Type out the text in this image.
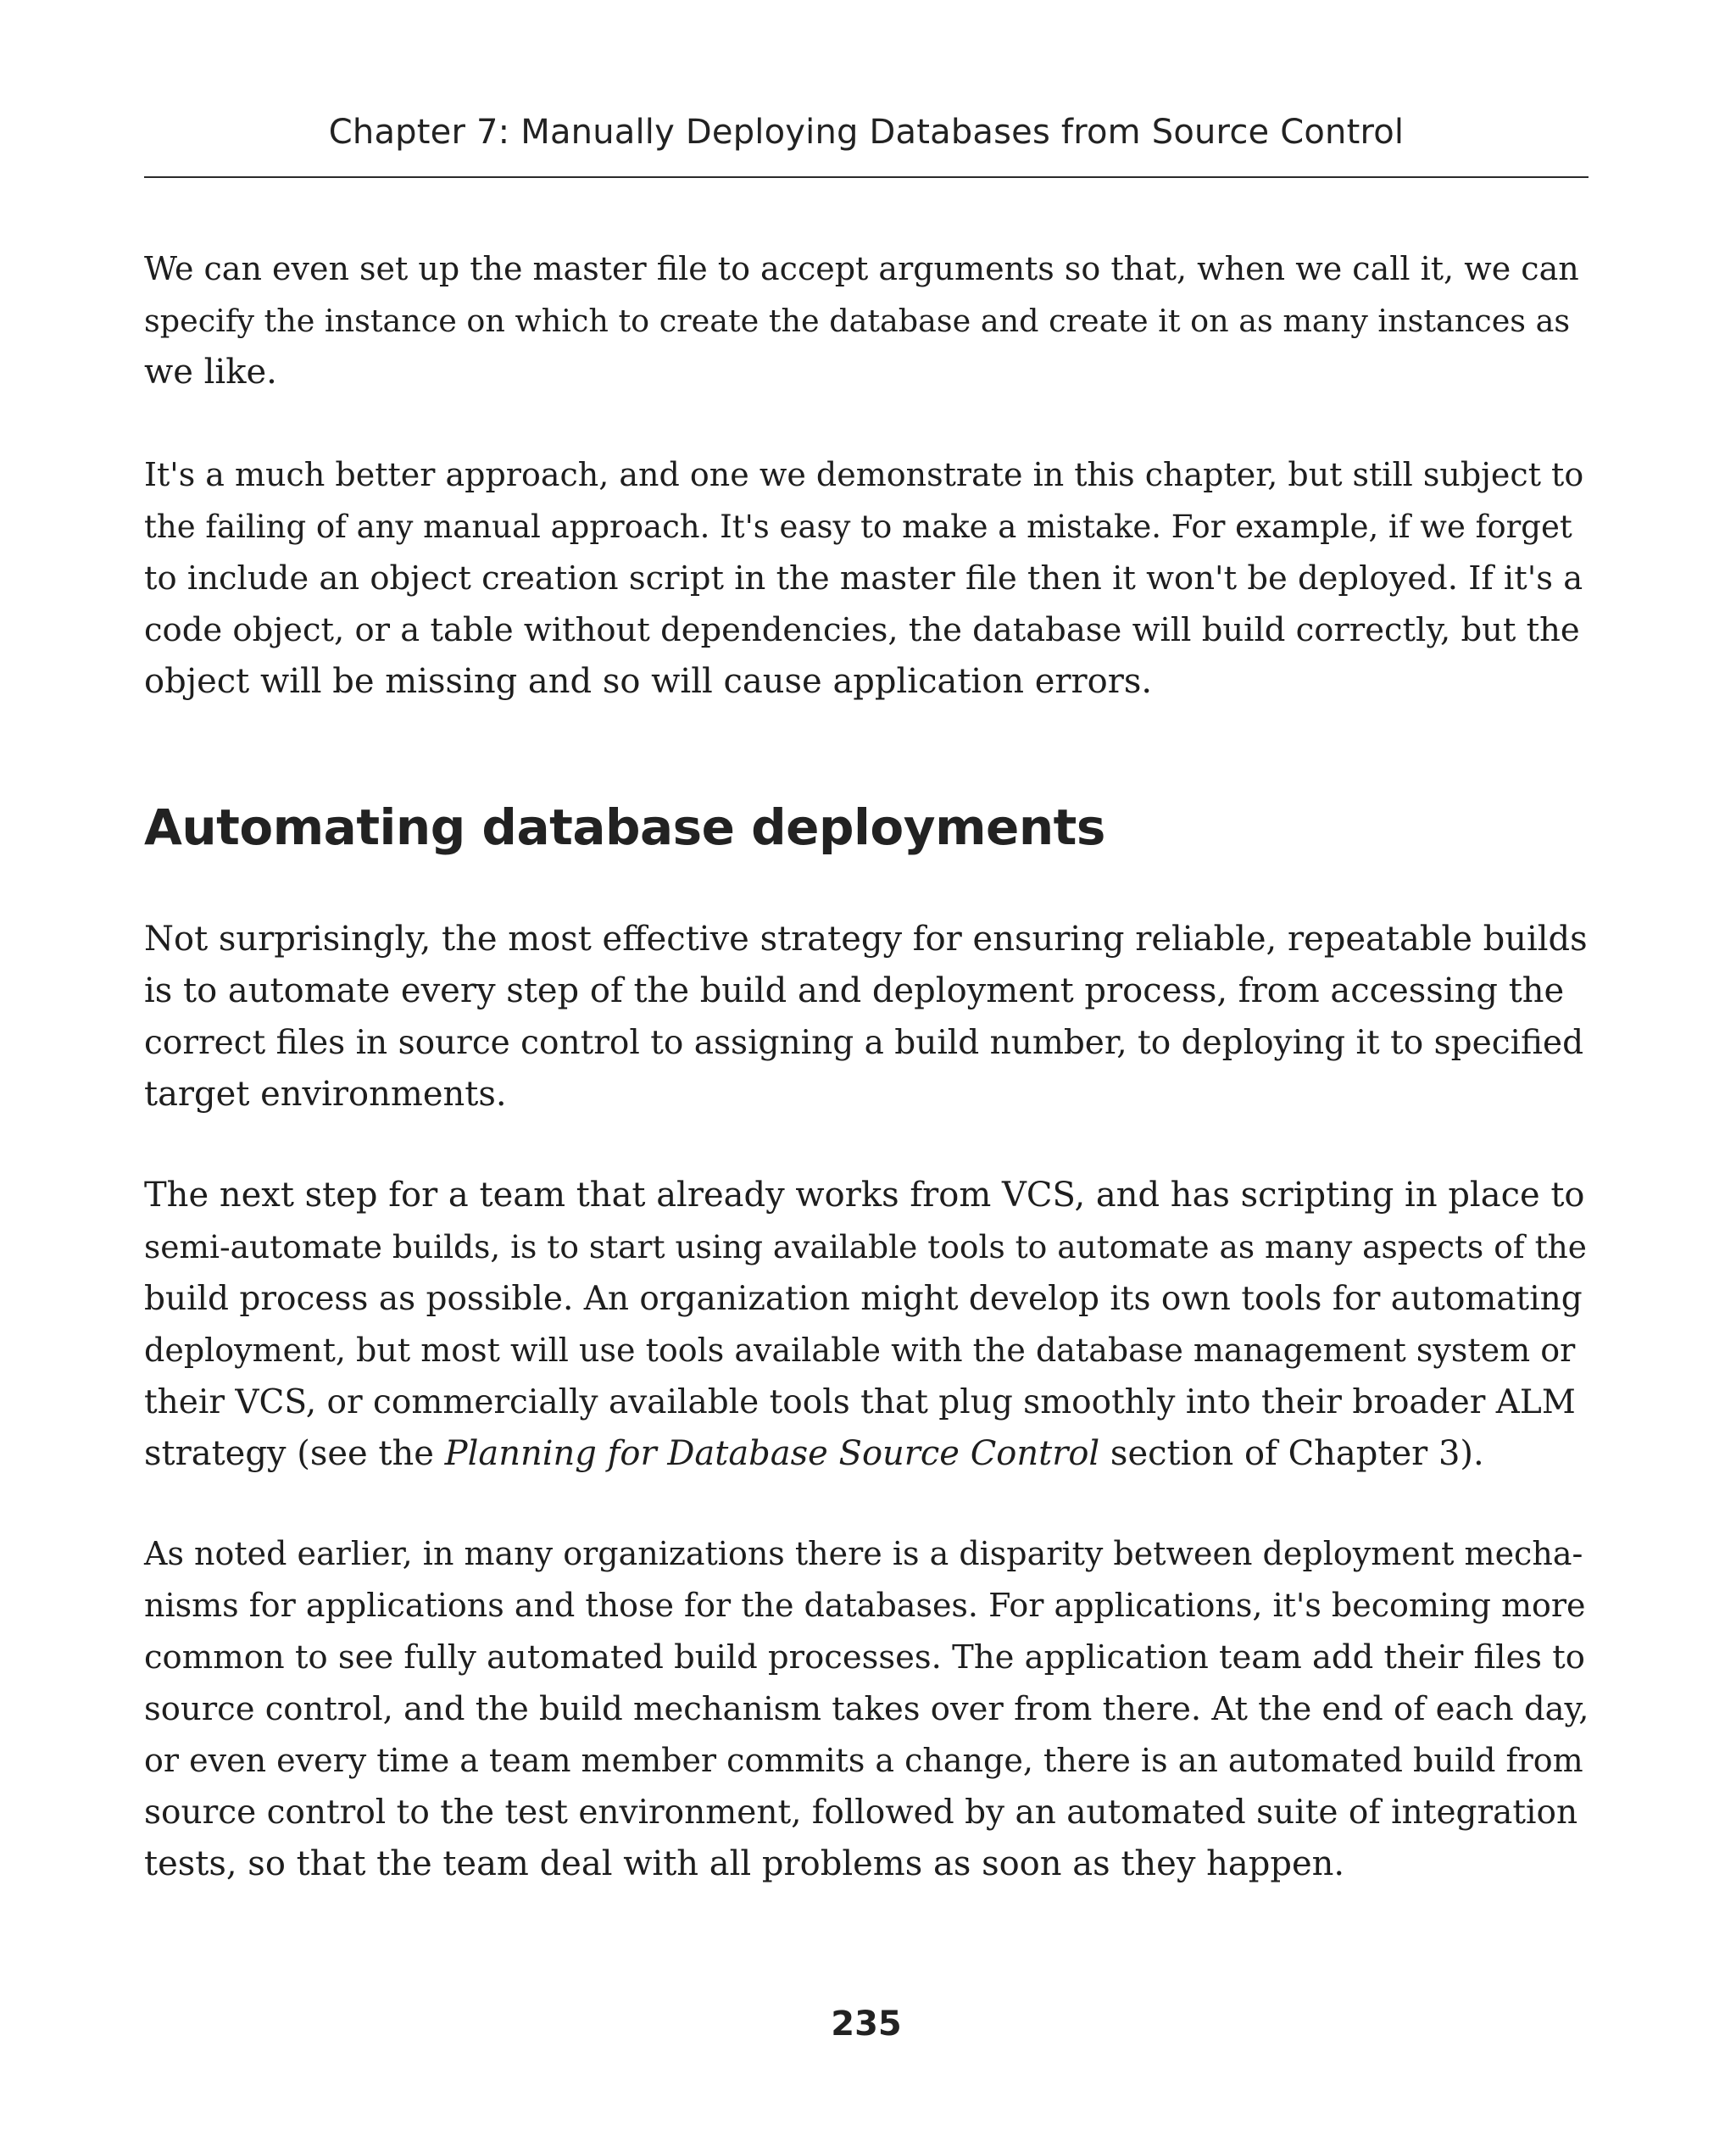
Chapter 7: Manually Deploying Databases from Source Control

We can even set up the master file to accept arguments so that, when we call it, we can
specify the instance on which to create the database and create it on as many instances as
we like.

It's a much better approach, and one we demonstrate in this chapter, but still subject to
the failing of any manual approach. It's easy to make a mistake. For example, if we forget
to include an object creation script in the master file then it won't be deployed. If it's a
code object, or a table without dependencies, the database will build correctly, but the
object will be missing and so will cause application errors.

Automating database deployments

Not surprisingly, the most effective strategy for ensuring reliable, repeatable builds
is to automate every step of the build and deployment process, from accessing the
correct files in source control to assigning a build number, to deploying it to specified
target environments.

The next step for a team that already works from VCS, and has scripting in place to
semi-automate builds, is to start using available tools to automate as many aspects of the
build process as possible. An organization might develop its own tools for automating
deployment, but most will use tools available with the database management system or
their VCS, or commercially available tools that plug smoothly into their broader ALM
strategy (see the Planning for Database Source Control section of Chapter 3).

As noted earlier, in many organizations there is a disparity between deployment mecha-
nisms for applications and those for the databases. For applications, it's becoming more
common to see fully automated build processes. The application team add their files to
source control, and the build mechanism takes over from there. At the end of each day,
or even every time a team member commits a change, there is an automated build from
source control to the test environment, followed by an automated suite of integration
tests, so that the team deal with all problems as soon as they happen.

235
